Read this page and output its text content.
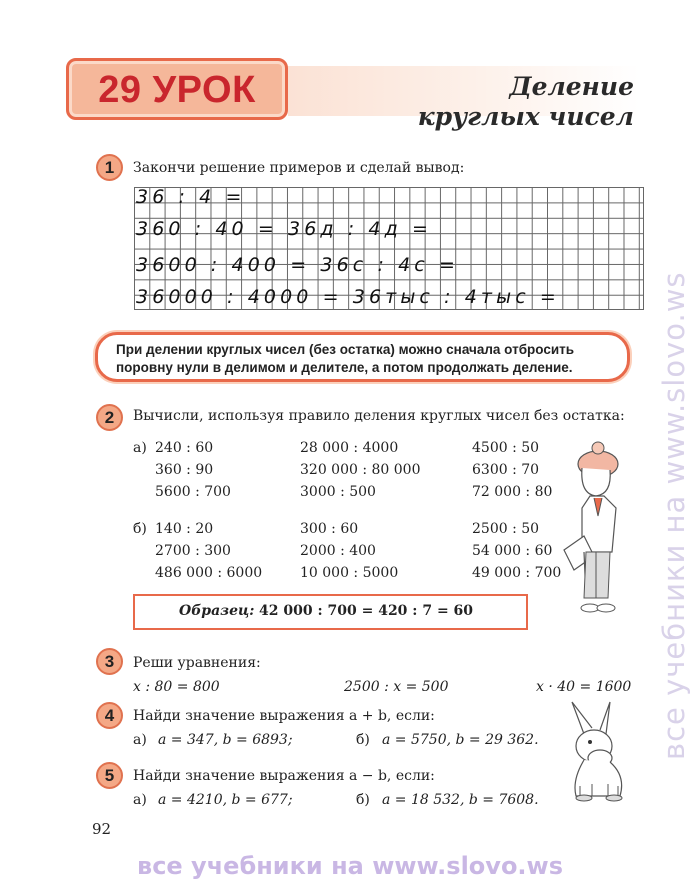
29 УРОК	Деление
круглых чисел
1	Закончи решение примеров и сделай вывод:
36 : 4 =
360 : 40 = 36д : 4д =
3600 : 400 = 36с : 4с =
36000 : 4000 = 36тыс : 4тыс =
При делении круглых чисел (без остатка) можно сначала отбросить поровну нули в делимом и делителе, а потом продолжать деление.
2	Вычисли, используя правило деления круглых чисел без остатка:
а) 240 : 60	28 000 : 4000	4500 : 50
360 : 90	320 000 : 80 000	6300 : 70
5600 : 700	3000 : 500	72 000 : 80
б) 140 : 20	300 : 60	2500 : 50
2700 : 300	2000 : 400	54 000 : 60
486 000 : 6000	10 000 : 5000	49 000 : 700
Образец: 42 000 : 700 = 420 : 7 = 60
3	Реши уравнения:
x : 80 = 800	2500 : x = 500	x · 40 = 1600
4	Найди значение выражения a + b, если:
а) a = 347, b = 6893;	б) a = 5750, b = 29 362.
5	Найди значение выражения a − b, если:
а) a = 4210, b = 677;	б) a = 18 532, b = 7608.
92
все учебники на www.slovo.ws
все учебники на www.slovo.ws
